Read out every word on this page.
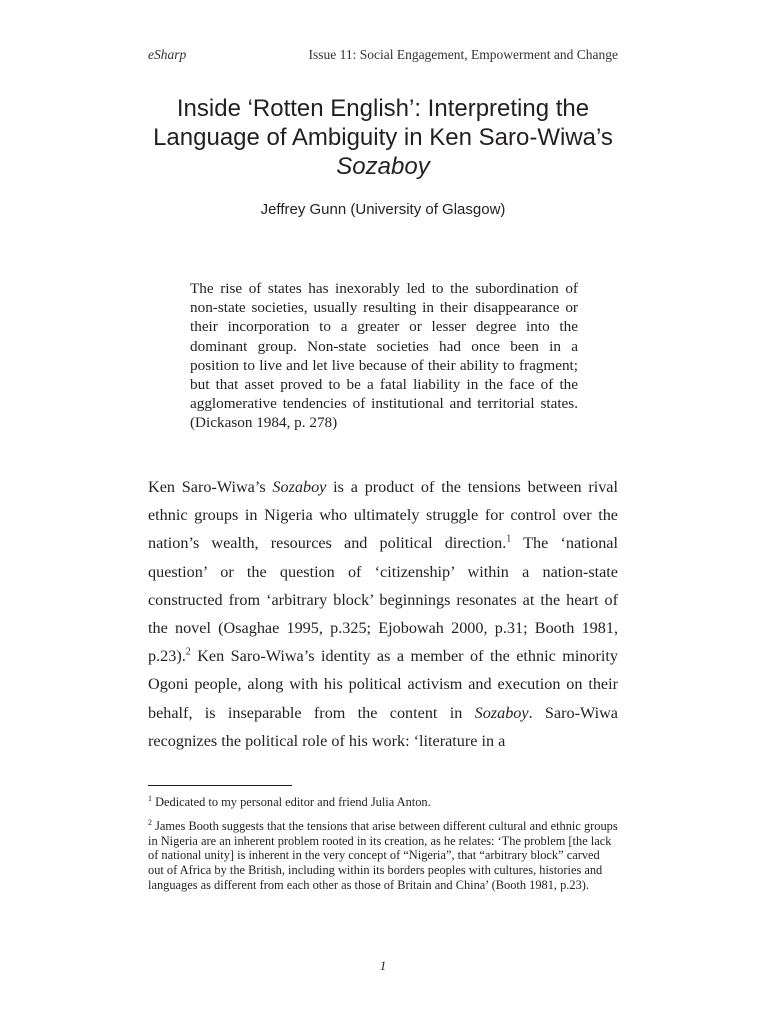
eSharp	Issue 11: Social Engagement, Empowerment and Change
Inside ‘Rotten English’: Interpreting the Language of Ambiguity in Ken Saro-Wiwa’s Sozaboy
Jeffrey Gunn (University of Glasgow)
The rise of states has inexorably led to the subordination of non-state societies, usually resulting in their disappearance or their incorporation to a greater or lesser degree into the dominant group. Non-state societies had once been in a position to live and let live because of their ability to fragment; but that asset proved to be a fatal liability in the face of the agglomerative tendencies of institutional and territorial states. (Dickason 1984, p. 278)
Ken Saro-Wiwa’s Sozaboy is a product of the tensions between rival ethnic groups in Nigeria who ultimately struggle for control over the nation’s wealth, resources and political direction.$^1$ The ‘national question’ or the question of ‘citizenship’ within a nation-state constructed from ‘arbitrary block’ beginnings resonates at the heart of the novel (Osaghae 1995, p.325; Ejobowah 2000, p.31; Booth 1981, p.23).$^2$ Ken Saro-Wiwa’s identity as a member of the ethnic minority Ogoni people, along with his political activism and execution on their behalf, is inseparable from the content in Sozaboy. Saro-Wiwa recognizes the political role of his work: ‘literature in a

$^1$ Dedicated to my personal editor and friend Julia Anton.

$^2$ James Booth suggests that the tensions that arise between different cultural and ethnic groups in Nigeria are an inherent problem rooted in its creation, as he relates: ‘The problem [the lack of national unity] is inherent in the very concept of “Nigeria”, that “arbitrary block” carved out of Africa by the British, including within its borders peoples with cultures, histories and languages as different from each other as those of Britain and China’ (Booth 1981, p.23).

1
